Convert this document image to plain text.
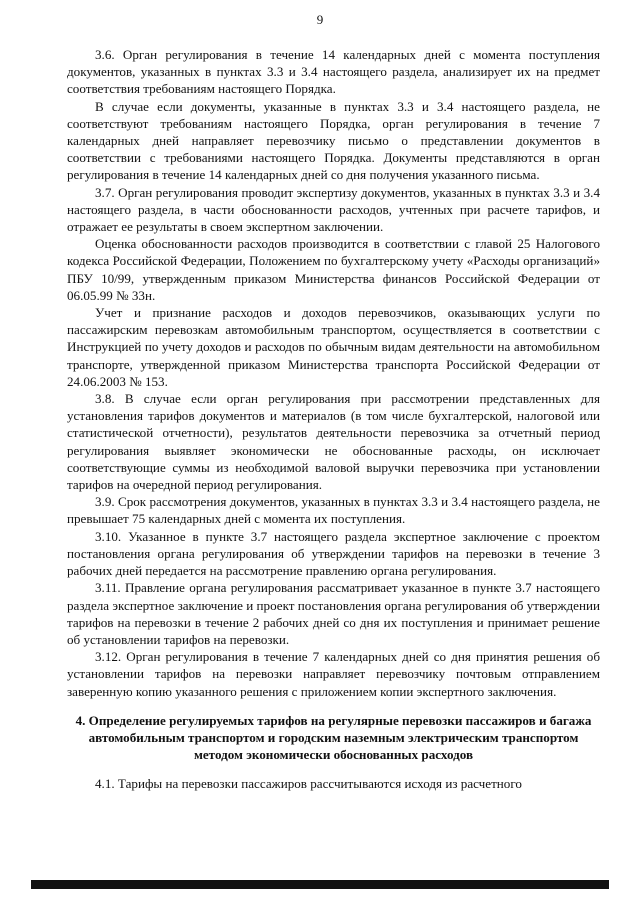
9

3.6. Орган регулирования в течение 14 календарных дней с момента поступления документов, указанных в пунктах 3.3 и 3.4 настоящего раздела, анализирует их на предмет соответствия требованиям настоящего Порядка.

В случае если документы, указанные в пунктах 3.3 и 3.4 настоящего раздела, не соответствуют требованиям настоящего Порядка, орган регулирования в течение 7 календарных дней направляет перевозчику письмо о представлении документов в соответствии с требованиями настоящего Порядка. Документы представляются в орган регулирования в течение 14 календарных дней со дня получения указанного письма.

3.7. Орган регулирования проводит экспертизу документов, указанных в пунктах 3.3 и 3.4 настоящего раздела, в части обоснованности расходов, учтенных при расчете тарифов, и отражает ее результаты в своем экспертном заключении.

Оценка обоснованности расходов производится в соответствии с главой 25 Налогового кодекса Российской Федерации, Положением по бухгалтерскому учету «Расходы организаций» ПБУ 10/99, утвержденным приказом Министерства финансов Российской Федерации от 06.05.99 № 33н.

Учет и признание расходов и доходов перевозчиков, оказывающих услуги по пассажирским перевозкам автомобильным транспортом, осуществляется в соответствии с Инструкцией по учету доходов и расходов по обычным видам деятельности на автомобильном транспорте, утвержденной приказом Министерства транспорта Российской Федерации от 24.06.2003 № 153.

3.8. В случае если орган регулирования при рассмотрении представленных для установления тарифов документов и материалов (в том числе бухгалтерской, налоговой или статистической отчетности), результатов деятельности перевозчика за отчетный период регулирования выявляет экономически не обоснованные расходы, он исключает соответствующие суммы из необходимой валовой выручки перевозчика при установлении тарифов на очередной период регулирования.

3.9. Срок рассмотрения документов, указанных в пунктах 3.3 и 3.4 настоящего раздела, не превышает 75 календарных дней с момента их поступления.

3.10. Указанное в пункте 3.7 настоящего раздела экспертное заключение с проектом постановления органа регулирования об утверждении тарифов на перевозки в течение 3 рабочих дней передается на рассмотрение правлению органа регулирования.

3.11. Правление органа регулирования рассматривает указанное в пункте 3.7 настоящего раздела экспертное заключение и проект постановления органа регулирования об утверждении тарифов на перевозки в течение 2 рабочих дней со дня их поступления и принимает решение об установлении тарифов на перевозки.

3.12. Орган регулирования в течение 7 календарных дней со дня принятия решения об установлении тарифов на перевозки направляет перевозчику почтовым отправлением заверенную копию указанного решения с приложением копии экспертного заключения.

4. Определение регулируемых тарифов на регулярные перевозки пассажиров и багажа автомобильным транспортом и городским наземным электрическим транспортом методом экономически обоснованных расходов

4.1. Тарифы на перевозки пассажиров рассчитываются исходя из расчетного
